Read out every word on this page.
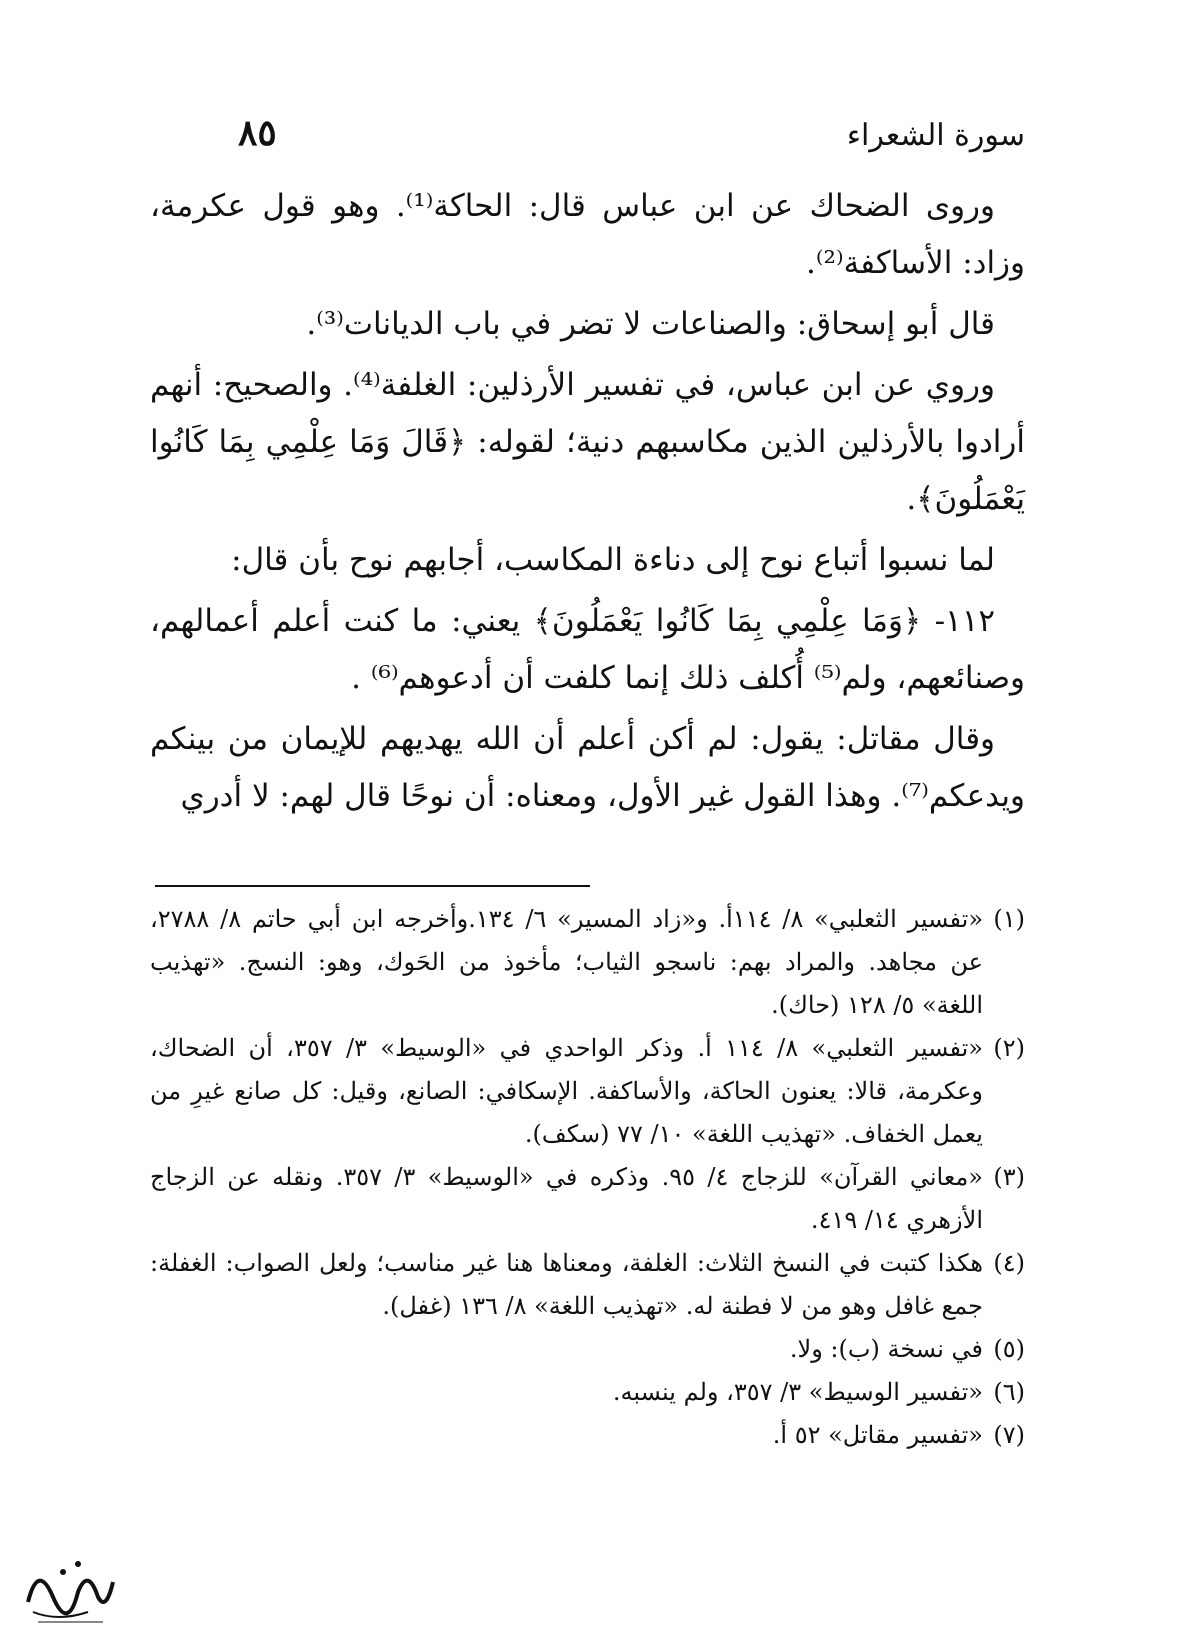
سورة الشعراء
٨٥

وروى الضحاك عن ابن عباس قال: الحاكة⁽¹⁾. وهو قول عكرمة، وزاد: الأساكفة⁽²⁾.

قال أبو إسحاق: والصناعات لا تضر في باب الديانات⁽³⁾.

وروي عن ابن عباس، في تفسير الأرذلين: الغلفة⁽⁴⁾. والصحيح: أنهم أرادوا بالأرذلين الذين مكاسبهم دنية؛ لقوله: ﴿قَالَ وَمَا عِلْمِي بِمَا كَانُوا يَعْمَلُونَ﴾.

لما نسبوا أتباع نوح إلى دناءة المكاسب، أجابهم نوح بأن قال:

١١٢- ﴿وَمَا عِلْمِي بِمَا كَانُوا يَعْمَلُونَ﴾ يعني: ما كنت أعلم أعمالهم، وصنائعهم، ولم⁽⁵⁾ أُكلف ذلك إنما كلفت أن أدعوهم⁽⁶⁾ .

وقال مقاتل: يقول: لم أكن أعلم أن الله يهديهم للإيمان من بينكم ويدعكم⁽⁷⁾. وهذا القول غير الأول، ومعناه: أن نوحًا قال لهم: لا أدري

(١)
«تفسير الثعلبي» ٨/ ١١٤أ. و«زاد المسير» ٦/ ١٣٤.وأخرجه ابن أبي حاتم ٨/ ٢٧٨٨، عن مجاهد. والمراد بهم: ناسجو الثياب؛ مأخوذ من الحَوك، وهو: النسج. «تهذيب اللغة» ٥/ ١٢٨ (حاك).
(٢)
«تفسير الثعلبي» ٨/ ١١٤ أ. وذكر الواحدي في «الوسيط» ٣/ ٣٥٧، أن الضحاك، وعكرمة، قالا: يعنون الحاكة، والأساكفة. الإسكافي: الصانع، وقيل: كل صانع غيرِ من يعمل الخفاف. «تهذيب اللغة» ١٠/ ٧٧ (سكف).
(٣)
«معاني القرآن» للزجاج ٤/ ٩٥. وذكره في «الوسيط» ٣/ ٣٥٧. ونقله عن الزجاج الأزهري ١٤/ ٤١٩.
(٤)
هكذا كتبت في النسخ الثلاث: الغلفة، ومعناها هنا غير مناسب؛ ولعل الصواب: الغفلة: جمع غافل وهو من لا فطنة له. «تهذيب اللغة» ٨/ ١٣٦ (غفل).
(٥)
في نسخة (ب): ولا.
(٦)
«تفسير الوسيط» ٣/ ٣٥٧، ولم ينسبه.
(٧)
«تفسير مقاتل» ٥٢ أ.
